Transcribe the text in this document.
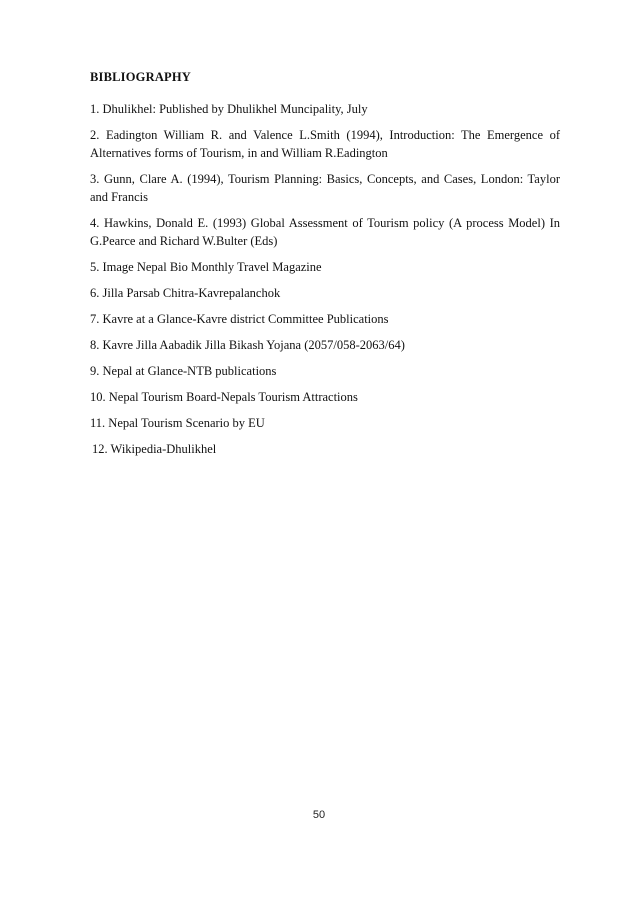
BIBLIOGRAPHY
1. Dhulikhel: Published by Dhulikhel Muncipality, July
2. Eadington William R. and Valence L.Smith (1994), Introduction: The Emergence of Alternatives forms of Tourism, in and William R.Eadington
3. Gunn, Clare A. (1994), Tourism Planning: Basics, Concepts, and Cases, London: Taylor and Francis
4. Hawkins, Donald E. (1993) Global Assessment of Tourism policy (A process Model) In G.Pearce and Richard W.Bulter (Eds)
5. Image Nepal Bio Monthly Travel Magazine
6. Jilla Parsab Chitra-Kavrepalanchok
7. Kavre at a Glance-Kavre district Committee Publications
8. Kavre Jilla Aabadik Jilla Bikash Yojana (2057/058-2063/64)
9. Nepal at Glance-NTB publications
10. Nepal Tourism Board-Nepals Tourism Attractions
11. Nepal Tourism Scenario by EU
12. Wikipedia-Dhulikhel
50
